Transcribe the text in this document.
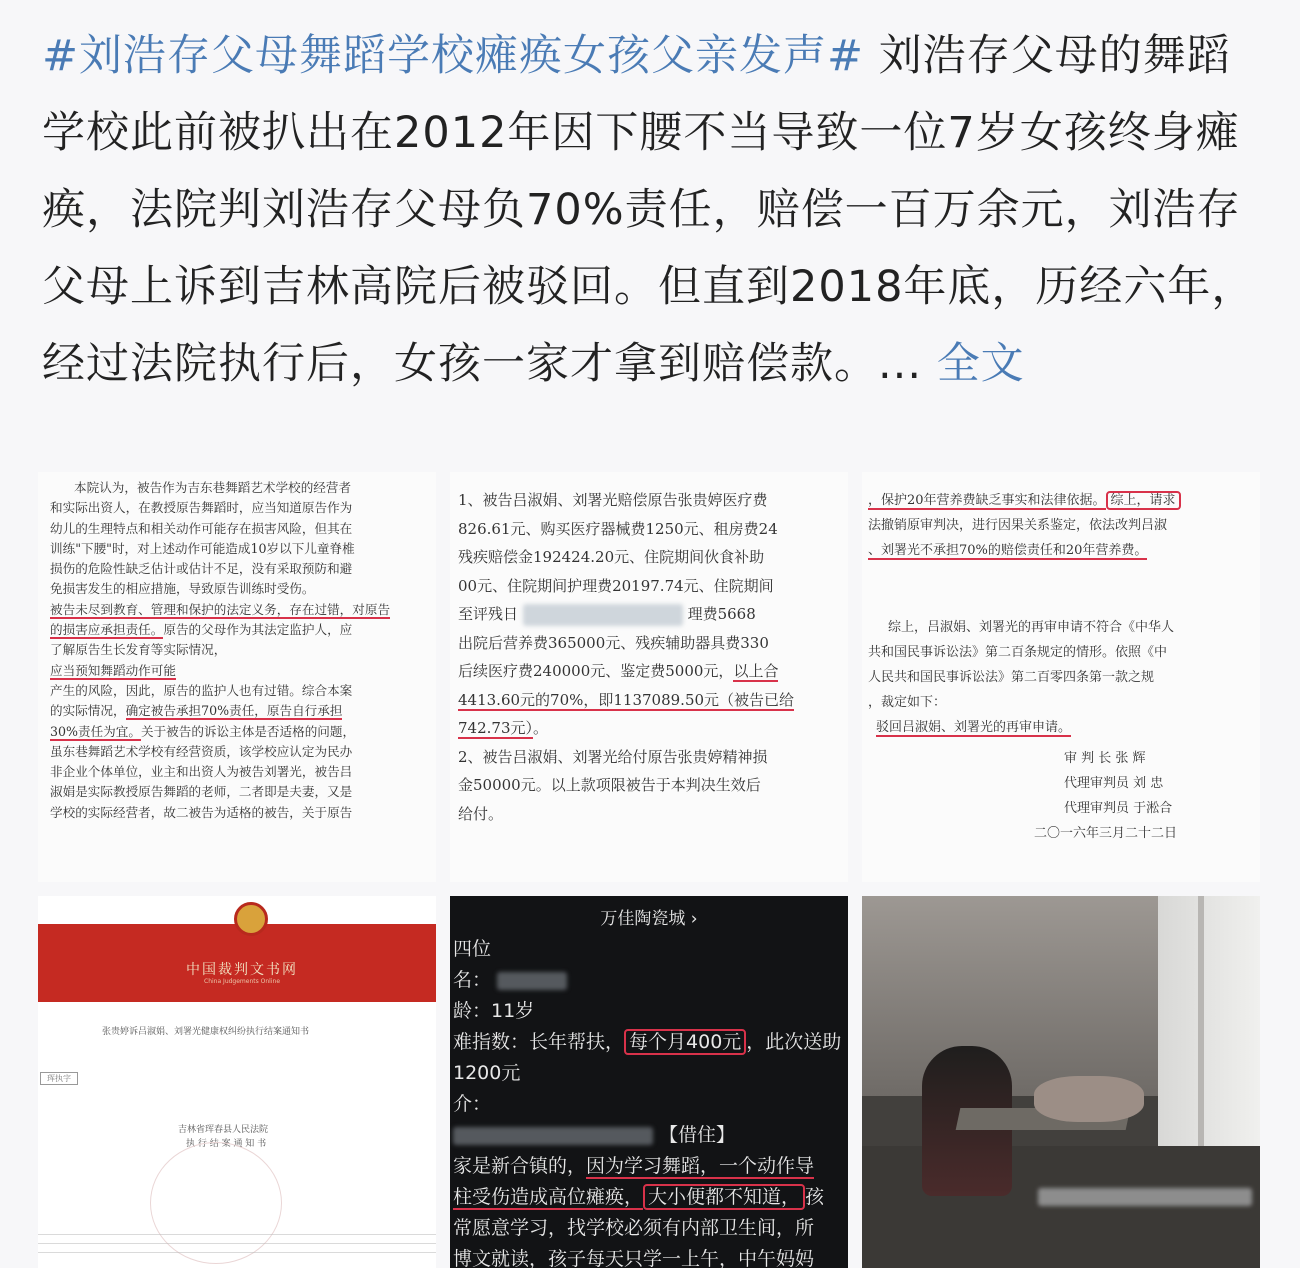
#刘浩存父母舞蹈学校瘫痪女孩父亲发声# 刘浩存父母的舞蹈学校此前被扒出在2012年因下腰不当导致一位7岁女孩终身瘫痪，法院判刘浩存父母负70%责任，赔偿一百万余元，刘浩存父母上诉到吉林高院后被驳回。但直到2018年底，历经六年，经过法院执行后，女孩一家才拿到赔偿款。... 全文
本院认为，被告作为吉东巷舞蹈艺术学校的经营者
和实际出资人，在教授原告舞蹈时，应当知道原告作为
幼儿的生理特点和相关动作可能存在损害风险，但其在
训练"下腰"时，对上述动作可能造成10岁以下儿童脊椎
损伤的危险性缺乏估计或估计不足，没有采取预防和避
免损害发生的相应措施，导致原告训练时受伤。
被告未尽到教育、管理和保护的法定义务，存在过错，对原告
的损害应承担责任。原告的父母作为其法定监护人，应
了解原告生长发育等实际情况，
应当预知舞蹈动作可能
产生的风险，因此，原告的监护人也有过错。综合本案
的实际情况，确定被告承担70%责任，原告自行承担
30%责任为宜。关于被告的诉讼主体是否适格的问题，
虽东巷舞蹈艺术学校有经营资质，该学校应认定为民办
非企业个体单位，业主和出资人为被告刘署光，被告吕
淑娟是实际教授原告舞蹈的老师，二者即是夫妻，又是
学校的实际经营者，故二被告为适格的被告，关于原告
1、被告吕淑娟、刘署光赔偿原告张贵婷医疗费
826.61元、购买医疗器械费1250元、租房费24
残疾赔偿金192424.20元、住院期间伙食补助
00元、住院期间护理费20197.74元、住院期间
至评残日	理费5668
出院后营养费365000元、残疾辅助器具费330
后续医疗费240000元、鉴定费5000元，以上合
4413.60元的70%，即1137089.50元（被告已给
742.73元）。
2、被告吕淑娟、刘署光给付原告张贵婷精神损
金50000元。以上款项限被告于本判决生效后
给付。
，保护20年营养费缺乏事实和法律依据。 综上，请求
法撤销原审判决，进行因果关系鉴定，依法改判吕淑
、刘署光不承担70%的赔偿责任和20年营养费。
综上，吕淑娟、刘署光的再审申请不符合《中华人
共和国民事诉讼法》第二百条规定的情形。依照《中
人民共和国民事诉讼法》第二百零四条第一款之规
，裁定如下：
驳回吕淑娟、刘署光的再审申请。
审 判 长 张 辉
代理审判员 刘 忠
代理审判员 于淞合
二〇一六年三月二十二日
中国裁判文书网
China Judgements Online
张贵婷诉吕淑娟、刘署光健康权纠纷执行结案通知书
珲执字
吉林省珲春县人民法院
执 行 结 案 通 知 书
万佳陶瓷城 ›
四位
名：
龄：11岁
难指数：长年帮扶， 每个月400元 ，此次送助
1200元
介：
【借住】
家是新合镇的，因为学习舞蹈，一个动作导
柱受伤造成高位瘫痪， 大小便都不知道， 孩
常愿意学习，找学校必须有内部卫生间，所
博文就读，孩子每天只学一上午，中午妈妈
